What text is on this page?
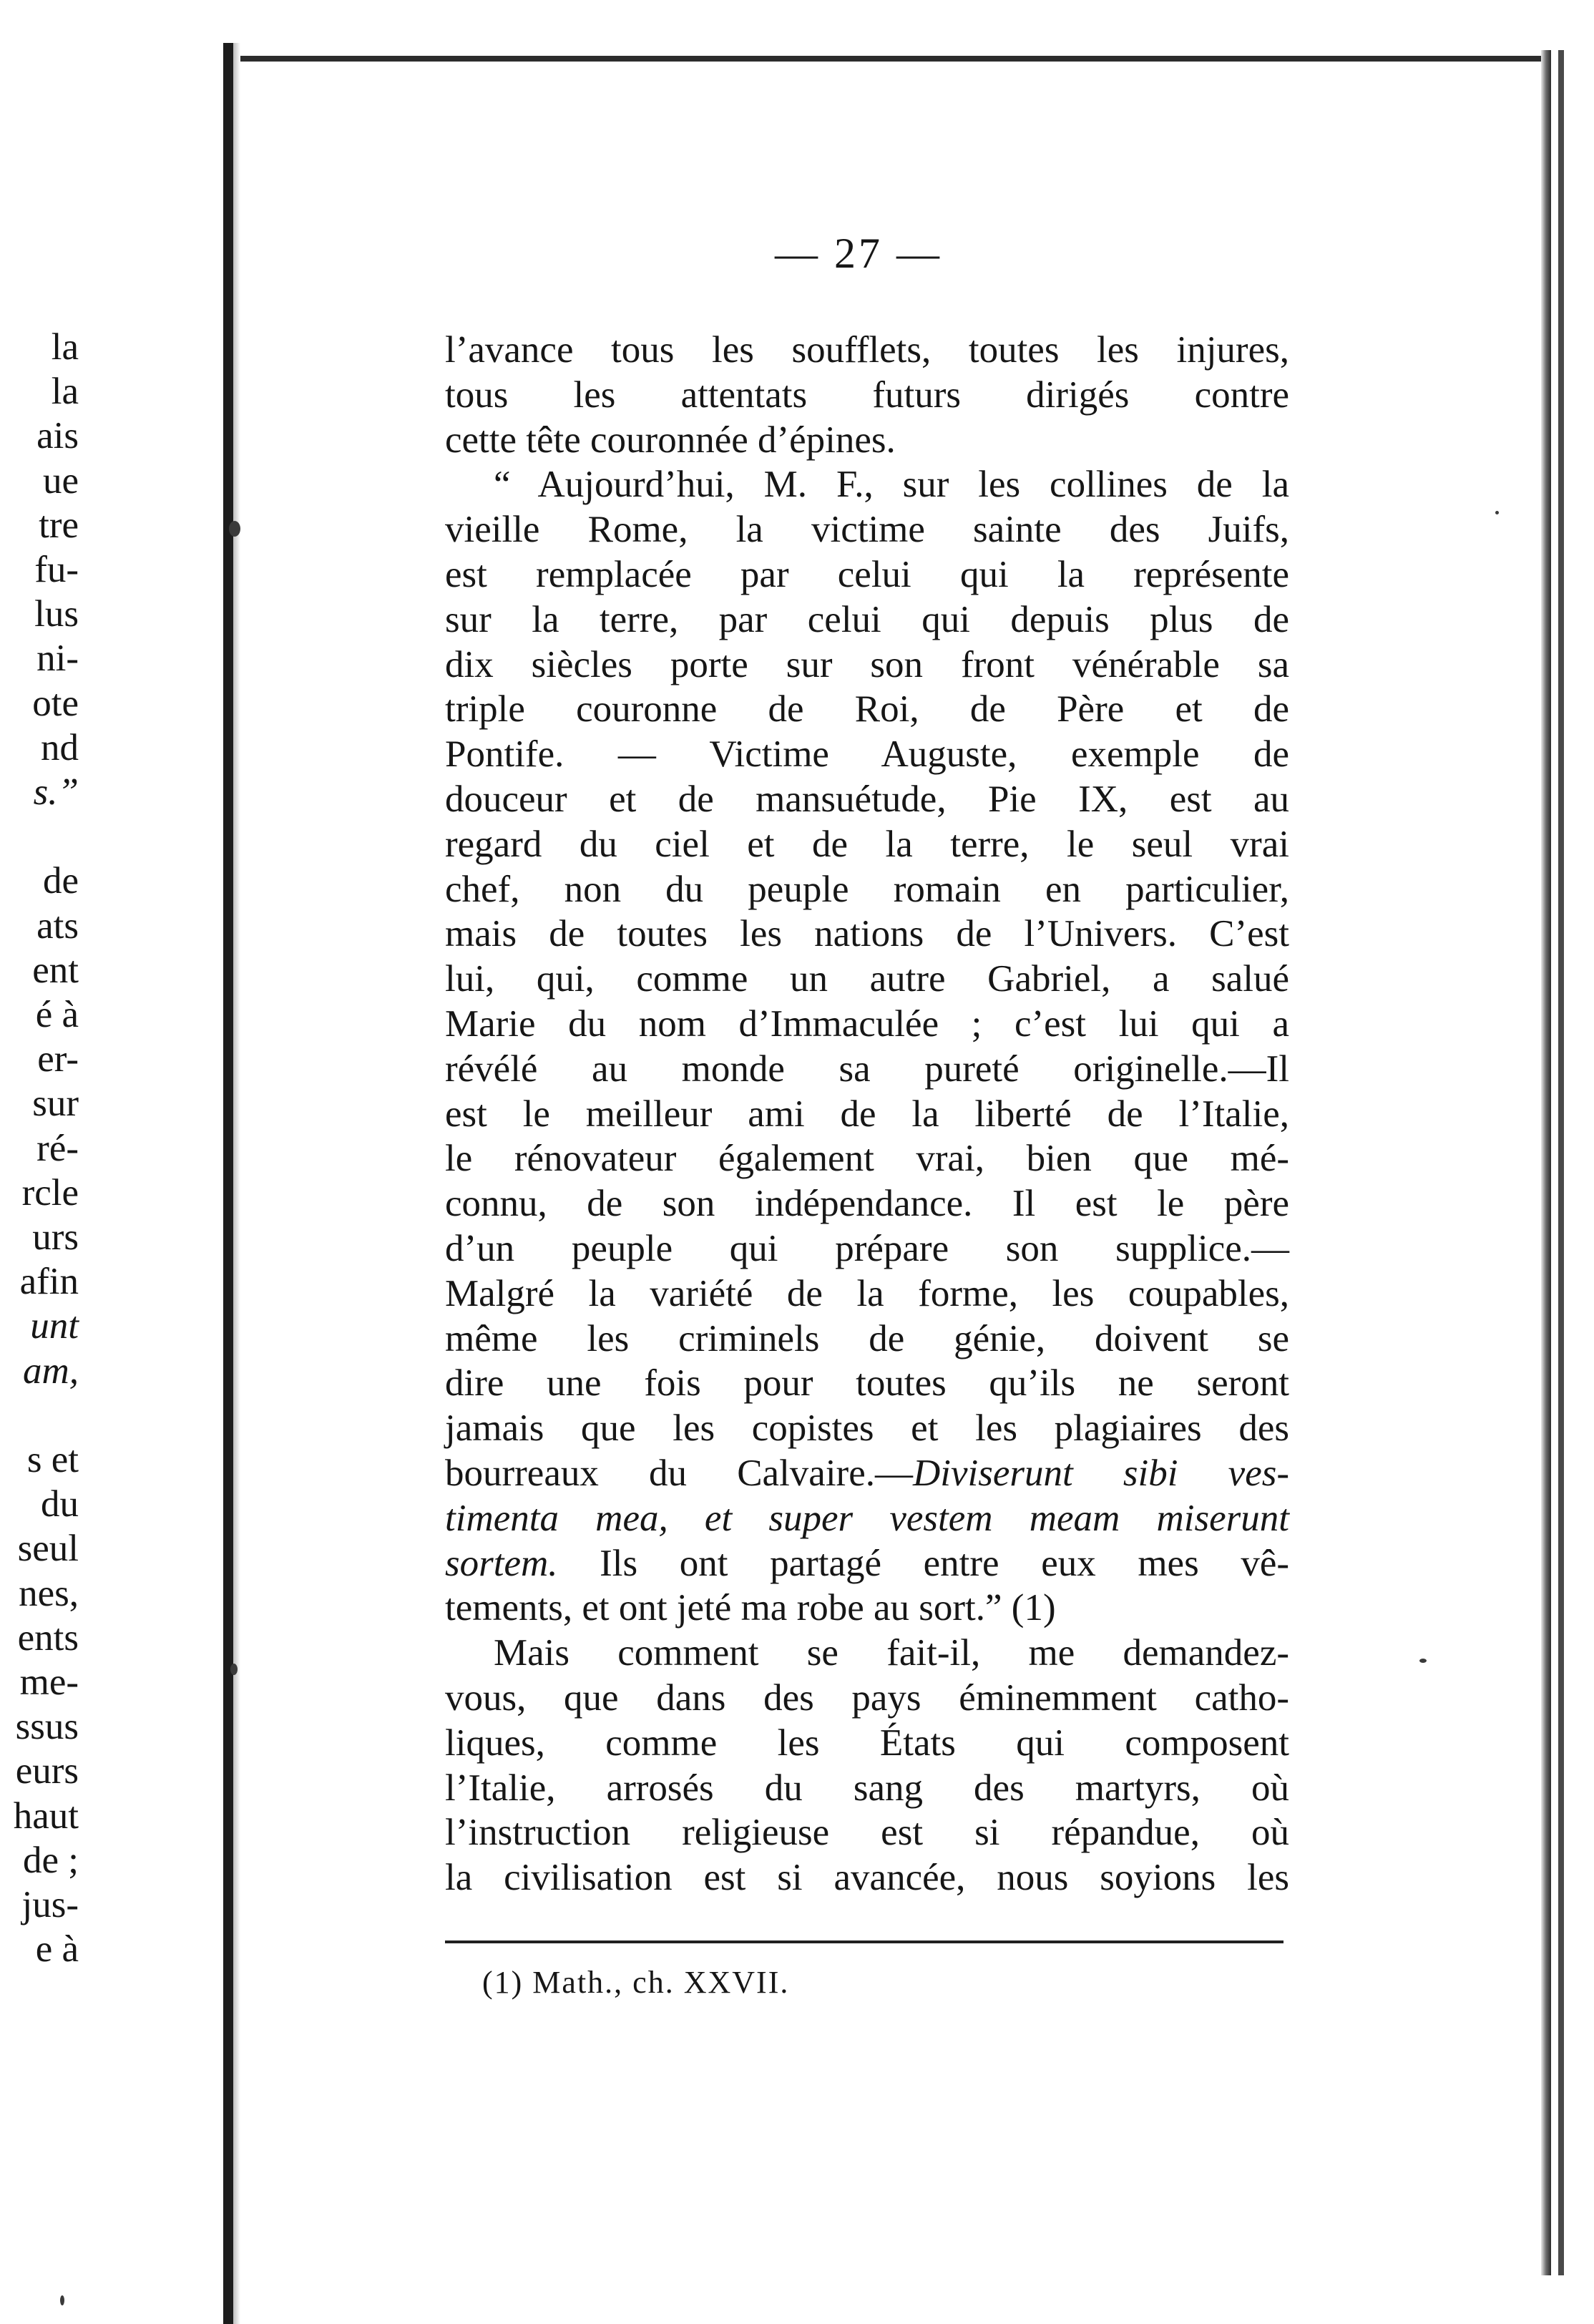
la
la
ais
ue
tre
fu-
lus
ni-
ote
nd
s.”
de
ats
ent
é à
er-
sur
ré-
rcle
urs
afin
unt
am,
s et
du
seul
nes,
ents
me-
ssus
eurs
haut
de ;
jus-
e à
— 27 —
l’avance tous les soufflets, toutes les injures,
tous les attentats futurs dirigés contre
cette tête couronnée d’épines.
“ Aujourd’hui, M. F., sur les collines de la
vieille Rome, la victime sainte des Juifs,
est remplacée par celui qui la représente
sur la terre, par celui qui depuis plus de
dix siècles porte sur son front vénérable sa
triple couronne de Roi, de Père et de
Pontife. — Victime Auguste, exemple de
douceur et de mansuétude, Pie IX, est au
regard du ciel et de la terre, le seul vrai
chef, non du peuple romain en particulier,
mais de toutes les nations de l’Univers. C’est
lui, qui, comme un autre Gabriel, a salué
Marie du nom d’Immaculée ; c’est lui qui a
révélé au monde sa pureté originelle.—Il
est le meilleur ami de la liberté de l’Italie,
le rénovateur également vrai, bien que mé-
connu, de son indépendance. Il est le père
d’un peuple qui prépare son supplice.—
Malgré la variété de la forme, les coupables,
même les criminels de génie, doivent se
dire une fois pour toutes qu’ils ne seront
jamais que les copistes et les plagiaires des
bourreaux du Calvaire.—Diviserunt sibi ves-
timenta mea, et super vestem meam miserunt
sortem. Ils ont partagé entre eux mes vê-
tements, et ont jeté ma robe au sort.” (1)
Mais comment se fait-il, me demandez-
vous, que dans des pays éminemment catho-
liques, comme les États qui composent
l’Italie, arrosés du sang des martyrs, où
l’instruction religieuse est si répandue, où
la civilisation est si avancée, nous soyions les
(1) Math., ch. XXVII.
